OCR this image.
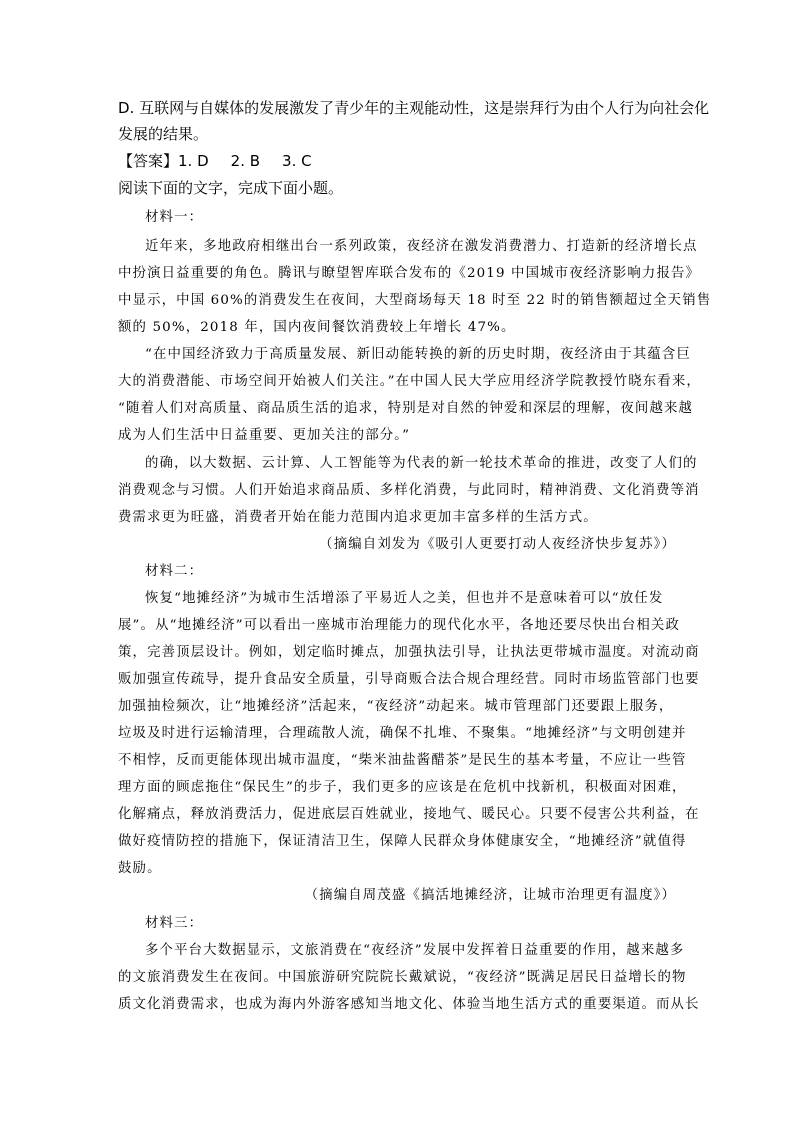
D. 互联网与自媒体的发展激发了青少年的主观能动性，这是崇拜行为由个人行为向社会化
发展的结果。
【答案】1. D 2. B 3. C
阅读下面的文字，完成下面小题。
材料一：
近年来，多地政府相继出台一系列政策，夜经济在激发消费潜力、打造新的经济增长点
中扮演日益重要的角色。腾讯与瞭望智库联合发布的《2019 中国城市夜经济影响力报告》
中显示，中国 60%的消费发生在夜间，大型商场每天 18 时至 22 时的销售额超过全天销售
额的 50%，2018 年，国内夜间餐饮消费较上年增长 47%。
“在中国经济致力于高质量发展、新旧动能转换的新的历史时期，夜经济由于其蕴含巨
大的消费潜能、市场空间开始被人们关注。”在中国人民大学应用经济学院教授竹晓东看来，
“随着人们对高质量、商品质生活的追求，特别是对自然的钟爱和深层的理解，夜间越来越
成为人们生活中日益重要、更加关注的部分。”
的确，以大数据、云计算、人工智能等为代表的新一轮技术革命的推进，改变了人们的
消费观念与习惯。人们开始追求商品质、多样化消费，与此同时，精神消费、文化消费等消
费需求更为旺盛，消费者开始在能力范围内追求更加丰富多样的生活方式。
（摘编自刘发为《吸引人更要打动人夜经济快步复苏》）
材料二：
恢复“地摊经济”为城市生活增添了平易近人之美，但也并不是意味着可以“放任发
展”。从“地摊经济”可以看出一座城市治理能力的现代化水平，各地还要尽快出台相关政
策，完善顶层设计。例如，划定临时摊点，加强执法引导，让执法更带城市温度。对流动商
贩加强宣传疏导，提升食品安全质量，引导商贩合法合规合理经营。同时市场监管部门也要
加强抽检频次，让“地摊经济”活起来，“夜经济”动起来。城市管理部门还要跟上服务，
垃圾及时进行运输清理，合理疏散人流，确保不扎堆、不聚集。“地摊经济”与文明创建并
不相悖，反而更能体现出城市温度，“柴米油盐酱醋茶”是民生的基本考量，不应让一些管
理方面的顾虑拖住“保民生”的步子，我们更多的应该是在危机中找新机，积极面对困难，
化解痛点，释放消费活力，促进底层百姓就业，接地气、暖民心。只要不侵害公共利益，在
做好疫情防控的措施下，保证清洁卫生，保障人民群众身体健康安全，“地摊经济”就值得
鼓励。
（摘编自周茂盛《搞活地摊经济，让城市治理更有温度》）
材料三：
多个平台大数据显示，文旅消费在“夜经济”发展中发挥着日益重要的作用，越来越多
的文旅消费发生在夜间。中国旅游研究院院长戴斌说，“夜经济”既满足居民日益增长的物
质文化消费需求，也成为海内外游客感知当地文化、体验当地生活方式的重要渠道。而从长
